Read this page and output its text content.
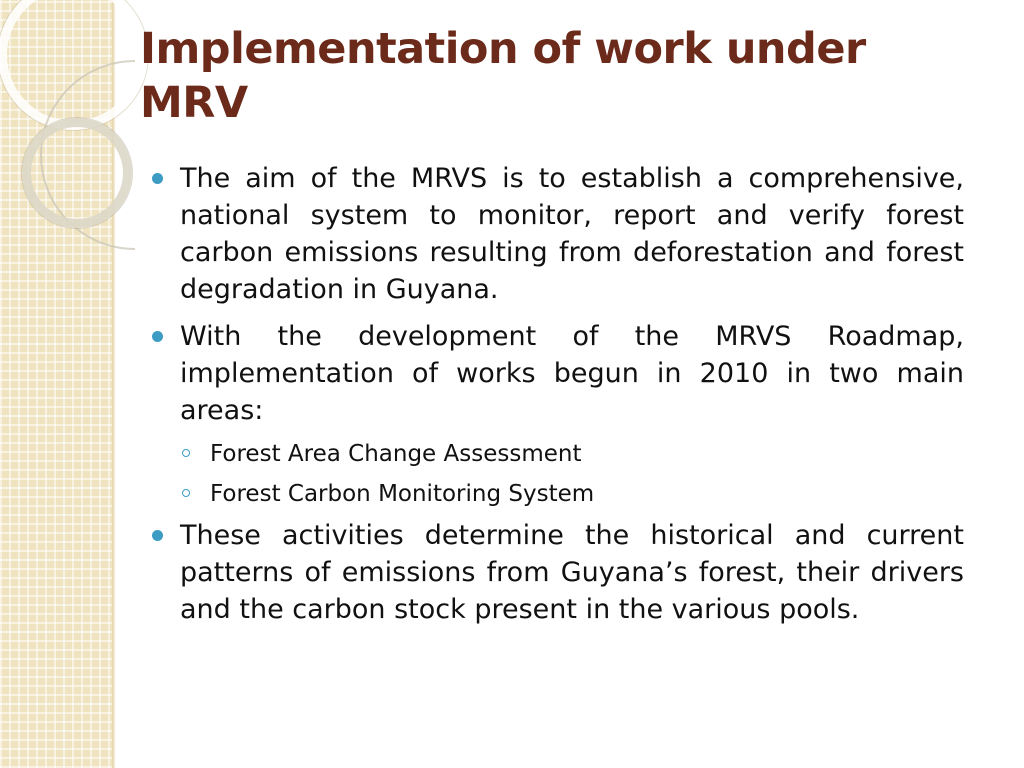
Implementation of work under MRV

The aim of the MRVS is to establish a comprehensive, national system to monitor, report and verify forest carbon emissions resulting from deforestation and forest degradation in Guyana.

With the development of the MRVS Roadmap, implementation of works begun in 2010 in two main areas:

Forest Area Change Assessment

Forest Carbon Monitoring System

These activities determine the historical and current patterns of emissions from Guyana’s forest, their drivers and the carbon stock present in the various pools.
